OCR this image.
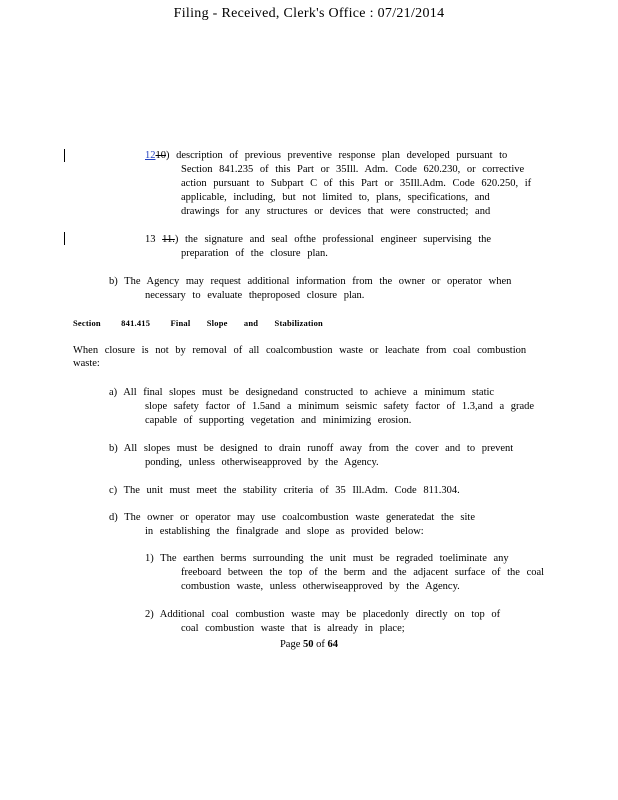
Filing - Received, Clerk's Office : 07/21/2014
1210) description of previous preventive response plan developed pursuant to
Section 841.235 of this Part or 35Ill. Adm. Code 620.230, or corrective
action pursuant to Subpart C of this Part or 35Ill.Adm. Code 620.250, if
applicable, including, but not limited to, plans, specifications, and
drawings for any structures or devices that were constructed; and
13 11.) the signature and seal ofthe professional engineer supervising the
preparation of the closure plan.
b) The Agency may request additional information from the owner or operator when
necessary to evaluate theproposed closure plan.
Section 841.415 Final Slope and Stabilization
When closure is not by removal of all coalcombustion waste or leachate from coal combustion
waste:
a) All final slopes must be designedand constructed to achieve a minimum static
slope safety factor of 1.5and a minimum seismic safety factor of 1.3,and a grade
capable of supporting vegetation and minimizing erosion.
b) All slopes must be designed to drain runoff away from the cover and to prevent
ponding, unless otherwiseapproved by the Agency.
c) The unit must meet the stability criteria of 35 Ill.Adm. Code 811.304.
d) The owner or operator may use coalcombustion waste generatedat the site
in establishing the finalgrade and slope as provided below:
1) The earthen berms surrounding the unit must be regraded toeliminate any
freeboard between the top of the berm and the adjacent surface of the coal
combustion waste, unless otherwiseapproved by the Agency.
2) Additional coal combustion waste may be placedonly directly on top of
coal combustion waste that is already in place;
Page 50 of 64
